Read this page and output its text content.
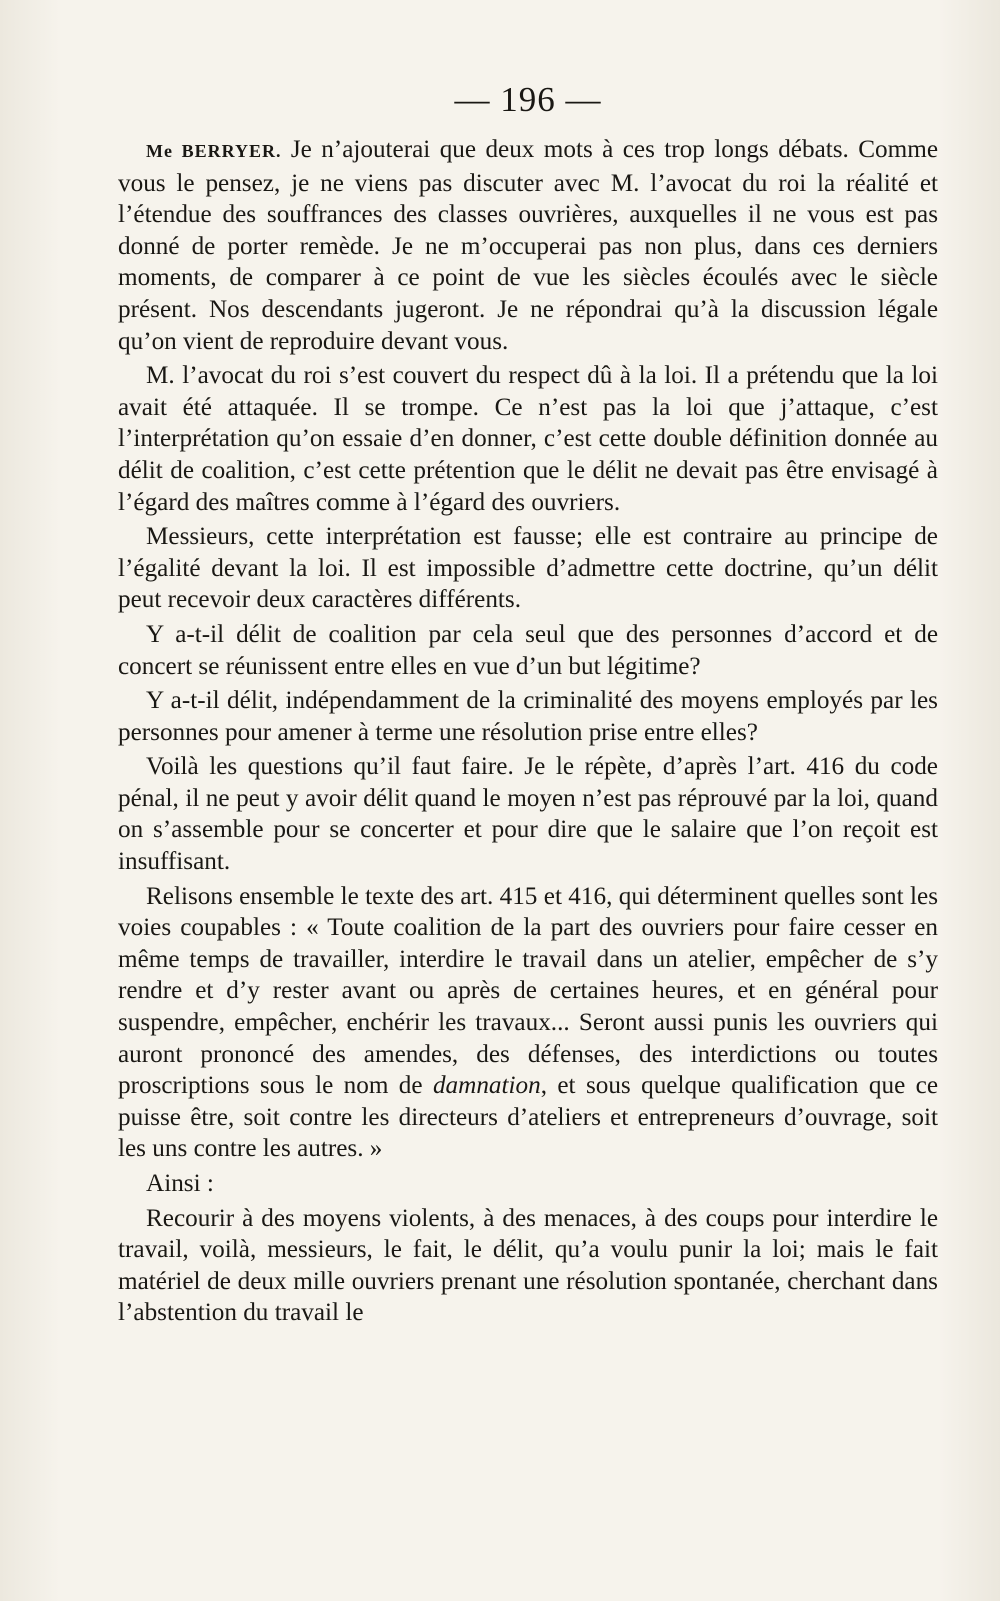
— 196 —

Me BERRYER. Je n’ajouterai que deux mots à ces trop longs débats. Comme vous le pensez, je ne viens pas discuter avec M. l’avocat du roi la réalité et l’étendue des souffrances des classes ouvrières, auxquelles il ne vous est pas donné de porter remède. Je ne m’occuperai pas non plus, dans ces derniers moments, de comparer à ce point de vue les siècles écoulés avec le siècle présent. Nos descendants jugeront. Je ne répondrai qu’à la discussion légale qu’on vient de reproduire devant vous.

M. l’avocat du roi s’est couvert du respect dû à la loi. Il a prétendu que la loi avait été attaquée. Il se trompe. Ce n’est pas la loi que j’attaque, c’est l’interprétation qu’on essaie d’en donner, c’est cette double définition donnée au délit de coalition, c’est cette prétention que le délit ne devait pas être envisagé à l’égard des maîtres comme à l’égard des ouvriers.

Messieurs, cette interprétation est fausse; elle est contraire au principe de l’égalité devant la loi. Il est impossible d’admettre cette doctrine, qu’un délit peut recevoir deux caractères différents.

Y a-t-il délit de coalition par cela seul que des personnes d’accord et de concert se réunissent entre elles en vue d’un but légitime?

Y a-t-il délit, indépendamment de la criminalité des moyens employés par les personnes pour amener à terme une résolution prise entre elles?

Voilà les questions qu’il faut faire. Je le répète, d’après l’art. 416 du code pénal, il ne peut y avoir délit quand le moyen n’est pas réprouvé par la loi, quand on s’assemble pour se concerter et pour dire que le salaire que l’on reçoit est insuffisant.

Relisons ensemble le texte des art. 415 et 416, qui déterminent quelles sont les voies coupables : « Toute coalition de la part des ouvriers pour faire cesser en même temps de travailler, interdire le travail dans un atelier, empêcher de s’y rendre et d’y rester avant ou après de certaines heures, et en général pour suspendre, empêcher, enchérir les travaux... Seront aussi punis les ouvriers qui auront prononcé des amendes, des défenses, des interdictions ou toutes proscriptions sous le nom de damnation, et sous quelque qualification que ce puisse être, soit contre les directeurs d’ateliers et entrepreneurs d’ouvrage, soit les uns contre les autres. »

Ainsi :

Recourir à des moyens violents, à des menaces, à des coups pour interdire le travail, voilà, messieurs, le fait, le délit, qu’a voulu punir la loi; mais le fait matériel de deux mille ouvriers prenant une résolution spontanée, cherchant dans l’abstention du travail le
